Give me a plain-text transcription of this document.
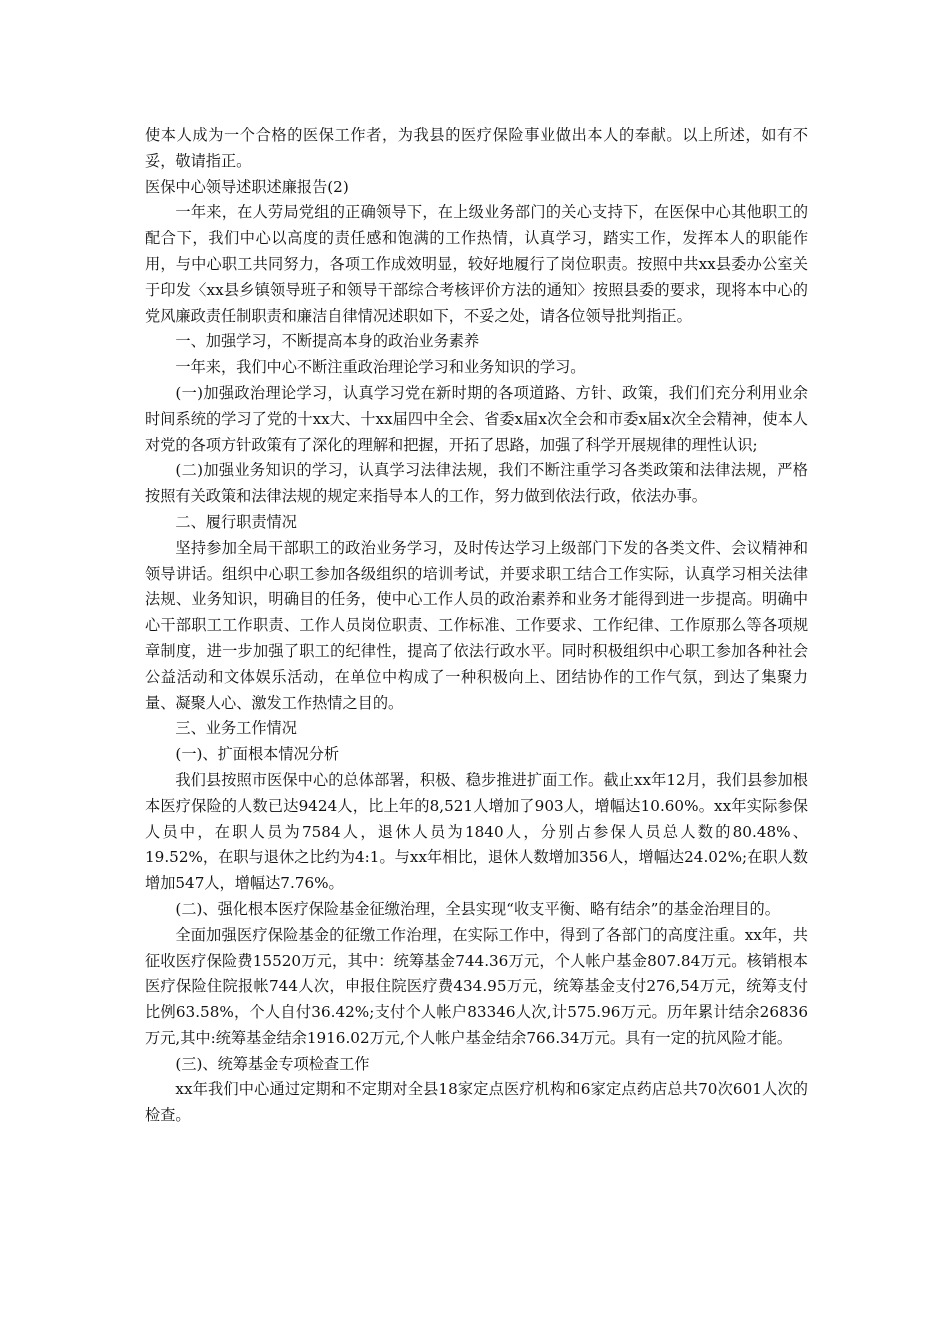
使本人成为一个合格的医保工作者，为我县的医疗保险事业做出本人的奉献。以上所述，如有不妥，敬请指正。

医保中心领导述职述廉报告(2)

一年来，在人劳局党组的正确领导下，在上级业务部门的关心支持下，在医保中心其他职工的配合下，我们中心以高度的责任感和饱满的工作热情，认真学习，踏实工作，发挥本人的职能作用，与中心职工共同努力，各项工作成效明显，较好地履行了岗位职责。按照中共xx县委办公室关于印发〈xx县乡镇领导班子和领导干部综合考核评价方法的通知〉按照县委的要求，现将本中心的党风廉政责任制职责和廉洁自律情况述职如下，不妥之处，请各位领导批判指正。

一、加强学习，不断提高本身的政治业务素养

一年来，我们中心不断注重政治理论学习和业务知识的学习。

(一)加强政治理论学习，认真学习党在新时期的各项道路、方针、政策，我们们充分利用业余时间系统的学习了党的十xx大、十xx届四中全会、省委x届x次全会和市委x届x次全会精神，使本人对党的各项方针政策有了深化的理解和把握，开拓了思路，加强了科学开展规律的理性认识;

(二)加强业务知识的学习，认真学习法律法规，我们不断注重学习各类政策和法律法规，严格按照有关政策和法律法规的规定来指导本人的工作，努力做到依法行政，依法办事。

二、履行职责情况

坚持参加全局干部职工的政治业务学习，及时传达学习上级部门下发的各类文件、会议精神和领导讲话。组织中心职工参加各级组织的培训考试，并要求职工结合工作实际，认真学习相关法律法规、业务知识，明确目的任务，使中心工作人员的政治素养和业务才能得到进一步提高。明确中心干部职工工作职责、工作人员岗位职责、工作标准、工作要求、工作纪律、工作原那么等各项规章制度，进一步加强了职工的纪律性，提高了依法行政水平。同时积极组织中心职工参加各种社会公益活动和文体娱乐活动，在单位中构成了一种积极向上、团结协作的工作气氛，到达了集聚力量、凝聚人心、激发工作热情之目的。

三、业务工作情况

(一)、扩面根本情况分析

我们县按照市医保中心的总体部署，积极、稳步推进扩面工作。截止xx年12月，我们县参加根本医疗保险的人数已达9424人，比上年的8,521人增加了903人，增幅达10.60%。xx年实际参保人员中，在职人员为7584人，退休人员为1840人，分别占参保人员总人数的80.48%、19.52%，在职与退休之比约为4:1。与xx年相比，退休人数增加356人，增幅达24.02%;在职人数增加547人，增幅达7.76%。

(二)、强化根本医疗保险基金征缴治理，全县实现“收支平衡、略有结余”的基金治理目的。

全面加强医疗保险基金的征缴工作治理，在实际工作中，得到了各部门的高度注重。xx年，共征收医疗保险费15520万元，其中：统筹基金744.36万元，个人帐户基金807.84万元。核销根本医疗保险住院报帐744人次，申报住院医疗费434.95万元，统筹基金支付276,54万元，统筹支付比例63.58%，个人自付36.42%;支付个人帐户83346人次,计575.96万元。历年累计结余26836万元,其中:统筹基金结余1916.02万元,个人帐户基金结余766.34万元。具有一定的抗风险才能。

(三)、统筹基金专项检查工作

xx年我们中心通过定期和不定期对全县18家定点医疗机构和6家定点药店总共70次601人次的检查。
